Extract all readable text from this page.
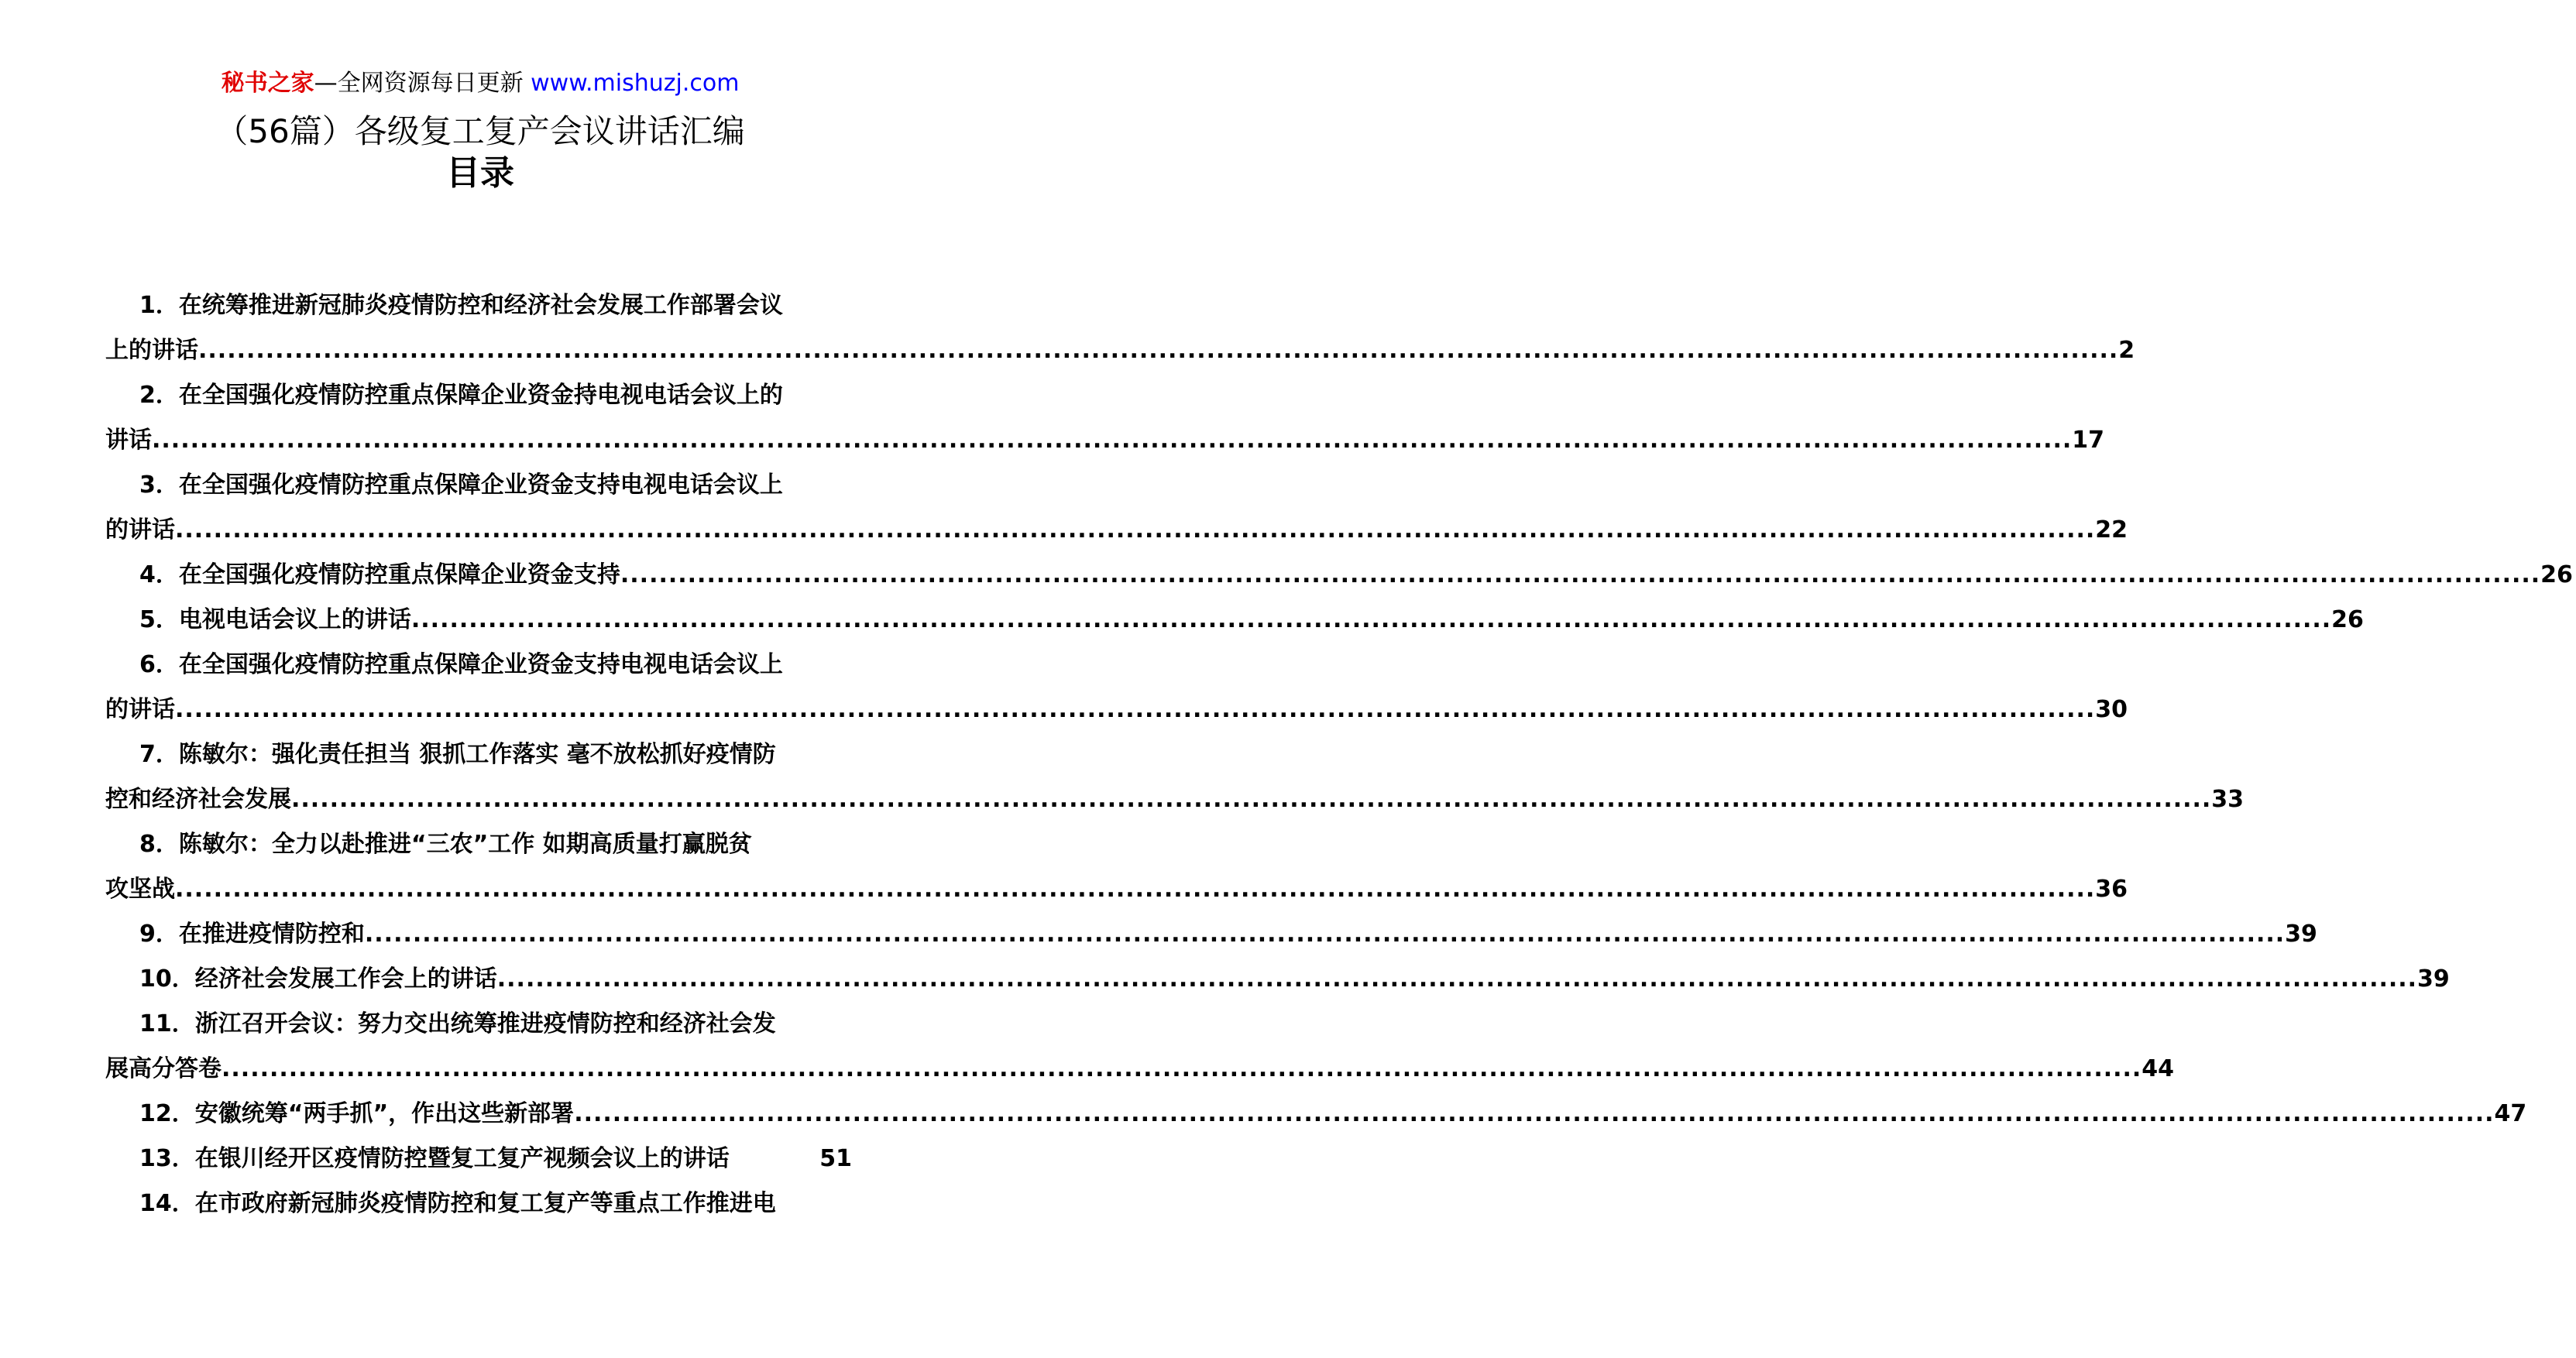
秘书之家—全网资源每日更新 www.mishuzj.com
（56篇）各级复工复产会议讲话汇编
目录
1．在统筹推进新冠肺炎疫情防控和经济社会发展工作部署会议
上的讲话 ........................................................................................................................................................................................................ 2
2．在全国强化疫情防控重点保障企业资金持电视电话会议上的
讲话 ........................................................................................................................................................................................................ 17
3．在全国强化疫情防控重点保障企业资金支持电视电话会议上
的讲话 ........................................................................................................................................................................................................ 22
4．在全国强化疫情防控重点保障企业资金支持 ........................................................................................................................................................................................................ 26
5．电视电话会议上的讲话 ........................................................................................................................................................................................................ 26
6．在全国强化疫情防控重点保障企业资金支持电视电话会议上
的讲话 ........................................................................................................................................................................................................ 30
7．陈敏尔：强化责任担当 狠抓工作落实 毫不放松抓好疫情防
控和经济社会发展 ........................................................................................................................................................................................................ 33
8．陈敏尔：全力以赴推进“三农”工作 如期高质量打赢脱贫
攻坚战 ........................................................................................................................................................................................................ 36
9．在推进疫情防控和 ........................................................................................................................................................................................................ 39
10．经济社会发展工作会上的讲话 ........................................................................................................................................................................................................ 39
11．浙江召开会议：努力交出统筹推进疫情防控和经济社会发
展高分答卷 ........................................................................................................................................................................................................ 44
12．安徽统筹“两手抓”，作出这些新部署 ........................................................................................................................................................................................................ 47
13．在银川经开区疫情防控暨复工复产视频会议上的讲话	51
14．在市政府新冠肺炎疫情防控和复工复产等重点工作推进电
